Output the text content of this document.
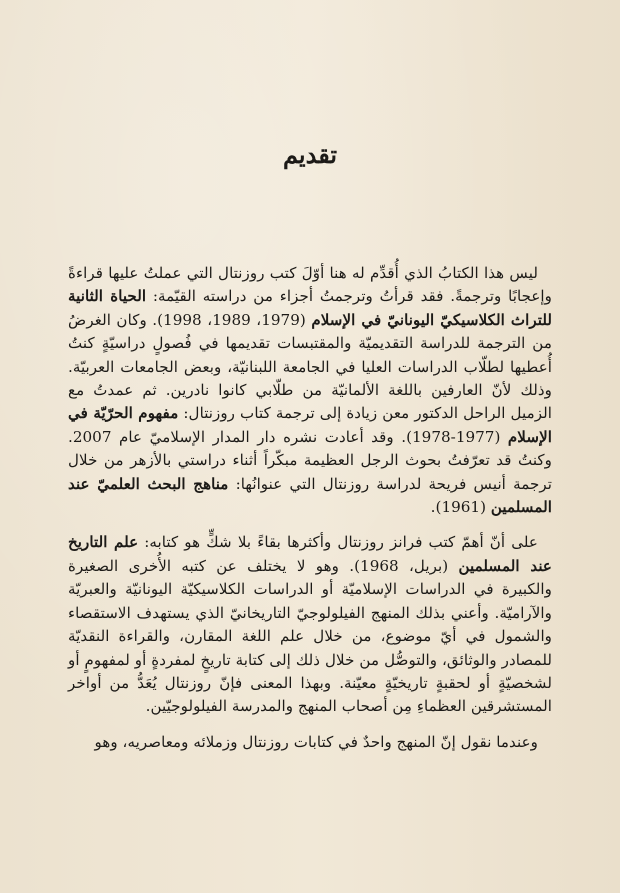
تقديم

ليس هذا الكتابُ الذي أُقدِّم له هنا أوّلَ كتب روزنتال التي عملتُ عليها قراءةً وإعجابًا وترجمةً. فقد قرأتُ وترجمتُ أجزاء من دراسته القيّمة: الحياة الثانية للتراث الكلاسيكيّ اليونانيّ في الإسلام (1979، 1989، 1998). وكان الغرضُ من الترجمة للدراسة التقديميّة والمقتبسات تقديمها في فُصولٍ دراسيّةٍ كنتُ أُعطيها لطلّاب الدراسات العليا في الجامعة اللبنانيّة، وبعض الجامعات العربيّة. وذلك لأنّ العارفين باللغة الألمانيّة من طلّابي كانوا نادرين. ثم عمدتُ مع الزميل الراحل الدكتور معن زيادة إلى ترجمة كتاب روزنتال: مفهوم الحرّيّة في الإسلام (1977-1978). وقد أعادت نشره دار المدار الإسلاميّ عام 2007. وكنتُ قد تعرّفتُ بحوث الرجل العظيمة مبكّراً أثناء دراستي بالأزهر من خلال ترجمة أنيس فريحة لدراسة روزنتال التي عنوانُها: مناهج البحث العلميّ عند المسلمين (1961).

على أنّ أهمّ كتب فرانز روزنتال وأكثرها بقاءً بلا شكٍّ هو كتابه: علم التاريخ عند المسلمين (بريل، 1968). وهو لا يختلف عن كتبه الأُخرى الصغيرة والكبيرة في الدراسات الإسلاميّة أو الدراسات الكلاسيكيّة اليونانيّة والعبريّة والآراميّة. وأعني بذلك المنهج الفيلولوجيّ التاريخانيّ الذي يستهدف الاستقصاء والشمول في أيّ موضوع، من خلال علم اللغة المقارن، والقراءة النقديّة للمصادر والوثائق، والتوصُّل من خلال ذلك إلى كتابة تاريخٍ لمفردةٍ أو لمفهومٍ أو لشخصيّةٍ أو لحقبةٍ تاريخيّةٍ معيّنة. وبهذا المعنى فإنّ روزنتال يُعَدُّ من أواخر المستشرقين العظماءِ مِن أصحاب المنهج والمدرسة الفيلولوجيّين.

وعندما نقول إنّ المنهج واحدٌ في كتابات روزنتال وزملائه ومعاصريه، وهو
